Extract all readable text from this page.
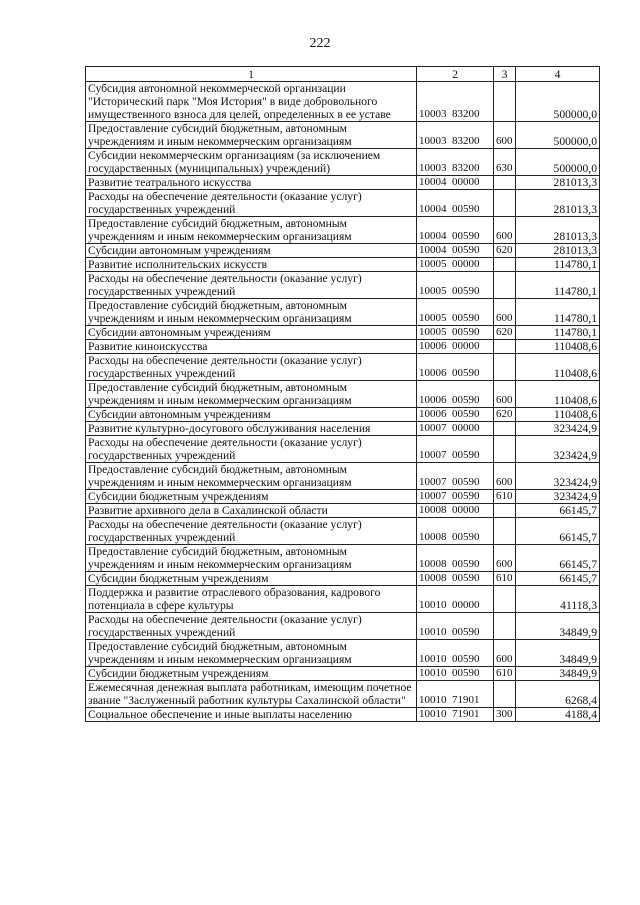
222
1	2	3	4
Субсидия автономной некоммерческой организации "Исторический парк "Моя История" в виде добровольного имущественного взноса для целей, определенных в ее уставе	10003  83200		500000,0
Предоставление субсидий бюджетным, автономным учреждениям и иным некоммерческим организациям	10003  83200	600	500000,0
Субсидии некоммерческим организациям (за исключением государственных (муниципальных) учреждений)	10003  83200	630	500000,0
Развитие театрального искусства	10004  00000		281013,3
Расходы на обеспечение деятельности (оказание услуг) государственных учреждений	10004  00590		281013,3
Предоставление субсидий бюджетным, автономным учреждениям и иным некоммерческим организациям	10004  00590	600	281013,3
Субсидии автономным учреждениям	10004  00590	620	281013,3
Развитие исполнительских искусств	10005  00000		114780,1
Расходы на обеспечение деятельности (оказание услуг) государственных учреждений	10005  00590		114780,1
Предоставление субсидий бюджетным, автономным учреждениям и иным некоммерческим организациям	10005  00590	600	114780,1
Субсидии автономным учреждениям	10005  00590	620	114780,1
Развитие киноискусства	10006  00000		110408,6
Расходы на обеспечение деятельности (оказание услуг) государственных учреждений	10006  00590		110408,6
Предоставление субсидий бюджетным, автономным учреждениям и иным некоммерческим организациям	10006  00590	600	110408,6
Субсидии автономным учреждениям	10006  00590	620	110408,6
Развитие культурно-досугового обслуживания населения	10007  00000		323424,9
Расходы на обеспечение деятельности (оказание услуг) государственных учреждений	10007  00590		323424,9
Предоставление субсидий бюджетным, автономным учреждениям и иным некоммерческим организациям	10007  00590	600	323424,9
Субсидии бюджетным учреждениям	10007  00590	610	323424,9
Развитие архивного дела в Сахалинской области	10008  00000		66145,7
Расходы на обеспечение деятельности (оказание услуг) государственных учреждений	10008  00590		66145,7
Предоставление субсидий бюджетным, автономным учреждениям и иным некоммерческим организациям	10008  00590	600	66145,7
Субсидии бюджетным учреждениям	10008  00590	610	66145,7
Поддержка и развитие отраслевого образования, кадрового потенциала в сфере культуры	10010  00000		41118,3
Расходы на обеспечение деятельности (оказание услуг) государственных учреждений	10010  00590		34849,9
Предоставление субсидий бюджетным, автономным учреждениям и иным некоммерческим организациям	10010  00590	600	34849,9
Субсидии бюджетным учреждениям	10010  00590	610	34849,9
Ежемесячная денежная выплата работникам, имеющим почетное звание "Заслуженный работник культуры Сахалинской области"	10010  71901		6268,4
Социальное обеспечение и иные выплаты населению	10010  71901	300	4188,4
